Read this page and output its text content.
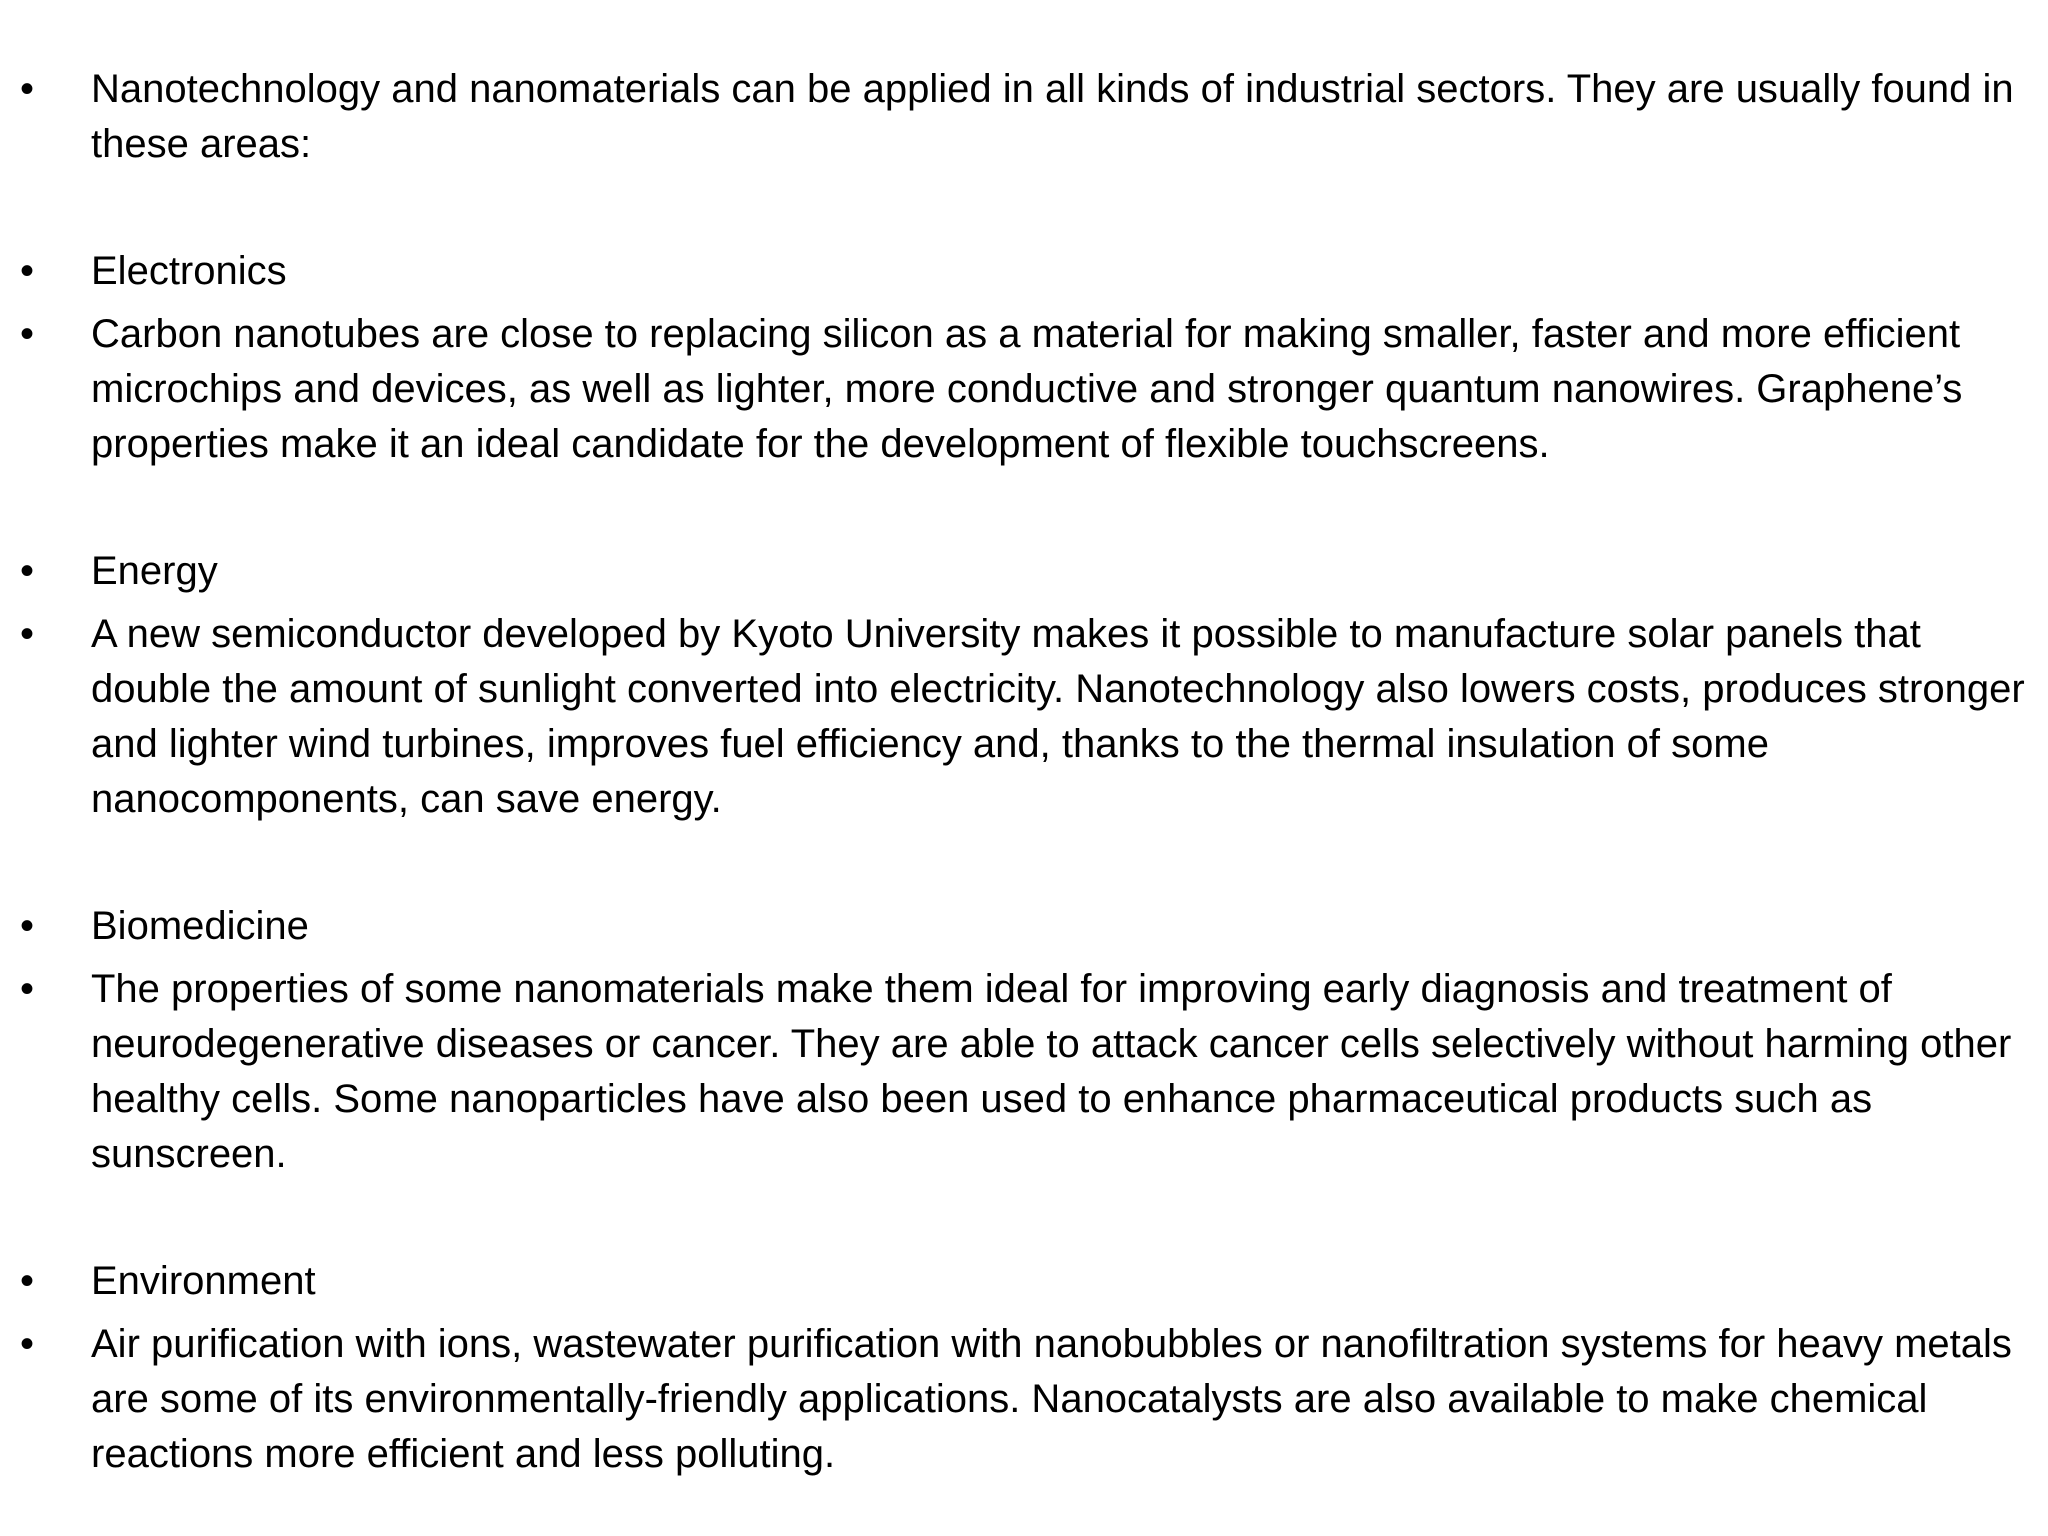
•	Nanotechnology and nanomaterials can be applied in all kinds of industrial sectors. They are usually found in these areas:
•	Electronics
•	Carbon nanotubes are close to replacing silicon as a material for making smaller, faster and more efficient microchips and devices, as well as lighter, more conductive and stronger quantum nanowires. Graphene’s properties make it an ideal candidate for the development of flexible touchscreens.
•	Energy
•	A new semiconductor developed by Kyoto University makes it possible to manufacture solar panels that double the amount of sunlight converted into electricity. Nanotechnology also lowers costs, produces stronger and lighter wind turbines, improves fuel efficiency and, thanks to the thermal insulation of some nanocomponents, can save energy.
•	Biomedicine
•	The properties of some nanomaterials make them ideal for improving early diagnosis and treatment of neurodegenerative diseases or cancer. They are able to attack cancer cells selectively without harming other healthy cells. Some nanoparticles have also been used to enhance pharmaceutical products such as sunscreen.
•	Environment
•	Air purification with ions, wastewater purification with nanobubbles or nanofiltration systems for heavy metals are some of its environmentally-friendly applications. Nanocatalysts are also available to make chemical reactions more efficient and less polluting.
